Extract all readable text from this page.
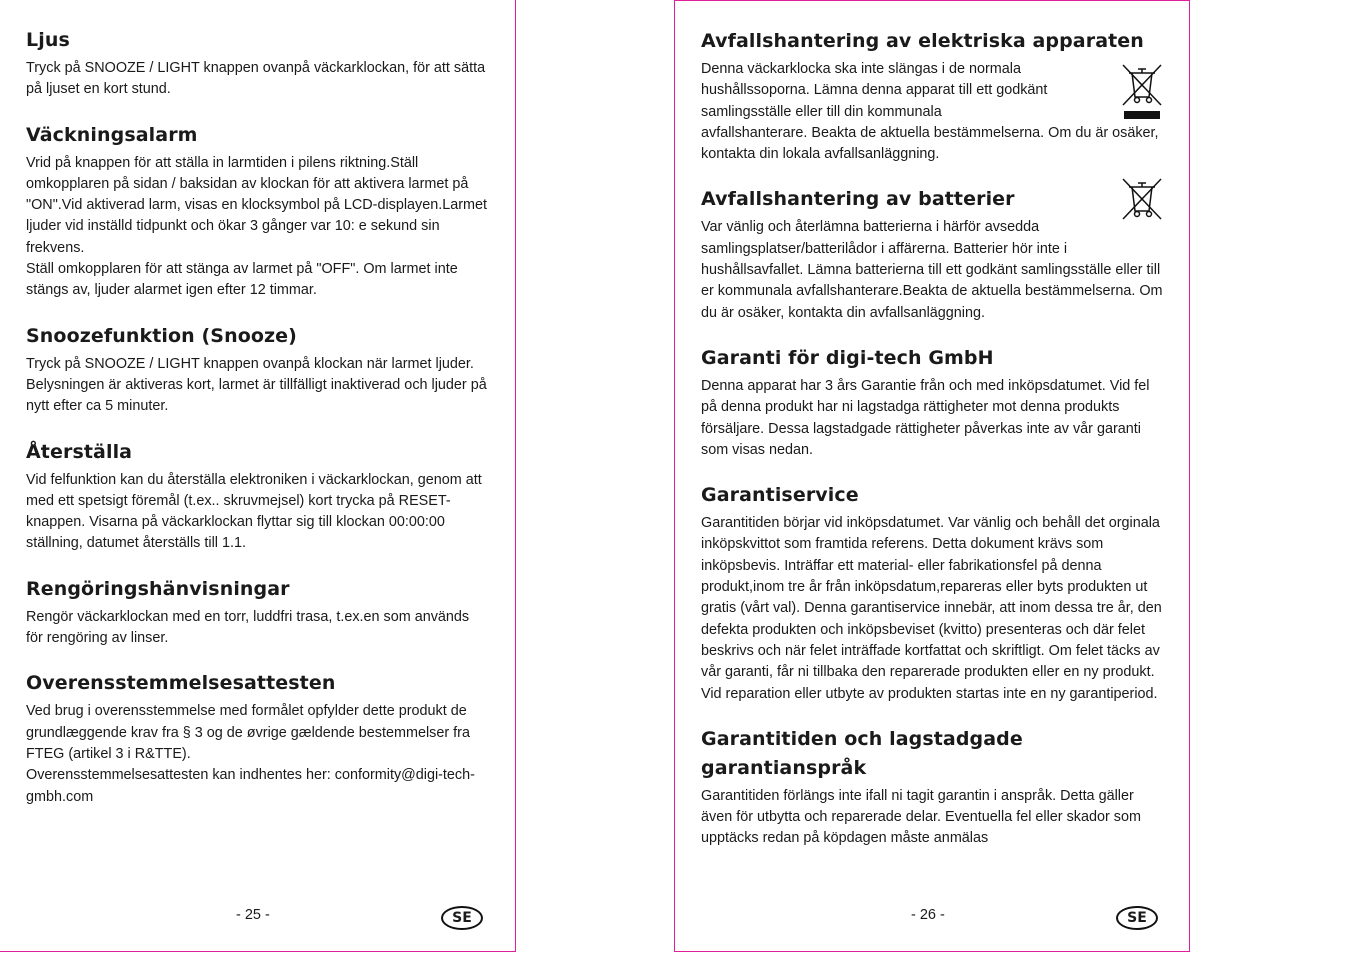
Ljus

Tryck på SNOOZE / LIGHT knappen ovanpå väckarklockan, för att sätta på ljuset en kort stund.

Väckningsalarm

Vrid på knappen för att ställa in larmtiden i pilens riktning.Ställ omkopplaren på sidan / baksidan av klockan för att aktivera larmet på "ON".Vid aktiverad larm, visas en klocksymbol på LCD-displayen.Larmet ljuder vid inställd tidpunkt och ökar 3 gånger var 10: e sekund sin frekvens.

Ställ omkopplaren för att stänga av larmet på "OFF". Om larmet inte stängs av, ljuder alarmet igen efter 12 timmar.

Snoozefunktion (Snooze)

Tryck på SNOOZE / LIGHT knappen ovanpå klockan när larmet ljuder. Belysningen är aktiveras kort, larmet är tillfälligt inaktiverad och ljuder på nytt efter ca 5 minuter.

Återställa

Vid felfunktion kan du återställa elektroniken i väckarklockan, genom att med ett spetsigt föremål (t.ex.. skruvmejsel) kort trycka på RESET-knappen. Visarna på väckarklockan flyttar sig till klockan 00:00:00 ställning, datumet återställs till 1.1.

Rengöringshänvisningar

Rengör väckarklockan med en torr, luddfri trasa, t.ex.en som används för rengöring av linser.

Overensstemmelsesattesten

Ved brug i overensstemmelse med formålet opfylder dette produkt de grundlæggende krav fra § 3 og de øvrige gældende bestemmelser fra FTEG (artikel 3 i R&TTE).

Overensstemmelsesattesten kan indhentes her: conformity@digi-tech-gmbh.com

- 25 -	SE
Avfallshantering av elektriska apparaten

Denna väckarklocka ska inte slängas i de normala hushållssoporna. Lämna denna apparat till ett godkänt samlingsställe eller till din kommunala

avfallshanterare. Beakta de aktuella bestämmelserna. Om du är osäker, kontakta din lokala avfallsanläggning.

Avfallshantering av batterier

Var vänlig och återlämna batterierna i härför avsedda samlingsplatser/batterilådor i affärerna. Batterier hör inte i

hushållsavfallet. Lämna batterierna till ett godkänt samlingsställe eller till er kommunala avfallshanterare.Beakta de aktuella bestämmelserna. Om du är osäker, kontakta din avfallsanläggning.

Garanti för digi-tech GmbH

Denna apparat har 3 års Garantie från och med inköpsdatumet. Vid fel på denna produkt har ni lagstadga rättigheter mot denna produkts försäljare. Dessa lagstadgade rättigheter påverkas inte av vår garanti som visas nedan.

Garantiservice

Garantitiden börjar vid inköpsdatumet. Var vänlig och behåll det orginala inköpskvittot som framtida referens. Detta dokument krävs som inköpsbevis. Inträffar ett material- eller fabrikationsfel på denna produkt,inom tre år från inköpsdatum,repareras eller byts produkten ut gratis (vårt val). Denna garantiservice innebär, att inom dessa tre år, den defekta produkten och inköpsbeviset (kvitto) presenteras och där felet beskrivs och när felet inträffade kortfattat och skriftligt. Om felet täcks av vår garanti, får ni tillbaka den reparerade produkten eller en ny produkt. Vid reparation eller utbyte av produkten startas inte en ny garantiperiod.

Garantitiden och lagstadgade garantianspråk

Garantitiden förlängs inte ifall ni tagit garantin i anspråk. Detta gäller även för utbytta och reparerade delar. Eventuella fel eller skador som upptäcks redan på köpdagen måste anmälas

- 26 -	SE
